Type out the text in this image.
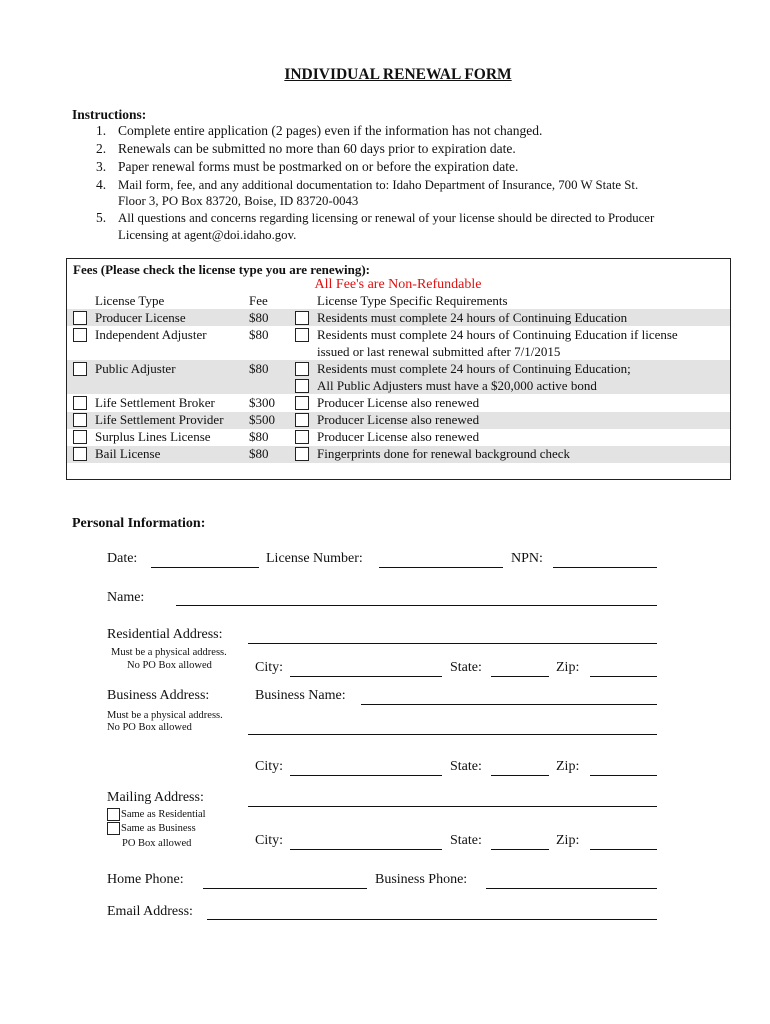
INDIVIDUAL RENEWAL FORM
Instructions:
1. Complete entire application (2 pages) even if the information has not changed.
2. Renewals can be submitted no more than 60 days prior to expiration date.
3. Paper renewal forms must be postmarked on or before the expiration date.
4. Mail form, fee, and any additional documentation to: Idaho Department of Insurance, 700 W State St.
Floor 3, PO Box 83720, Boise, ID 83720-0043
5. All questions and concerns regarding licensing or renewal of your license should be directed to Producer
Licensing at agent@doi.idaho.gov.
Fees (Please check the license type you are renewing):
All Fee's are Non-Refundable
License Type	Fee	License Type Specific Requirements
Producer License	$80	Residents must complete 24 hours of Continuing Education
Independent Adjuster	$80	Residents must complete 24 hours of Continuing Education if license
issued or last renewal submitted after 7/1/2015
Public Adjuster	$80	Residents must complete 24 hours of Continuing Education;
All Public Adjusters must have a $20,000 active bond
Life Settlement Broker	$300	Producer License also renewed
Life Settlement Provider $500	Producer License also renewed
Surplus Lines License	$80	Producer License also renewed
Bail License	$80	Fingerprints done for renewal background check
Personal Information:
Date:	License Number:	NPN:
Name:
Residential Address:
Must be a physical address.
No PO Box allowed	City:	State:	Zip:
Business Address:	Business Name:
Must be a physical address.
No PO Box allowed
City:	State:	Zip:
Mailing Address:
Same as Residential
Same as Business
PO Box allowed	City:	State:	Zip:
Home Phone:	Business Phone:
Email Address:
